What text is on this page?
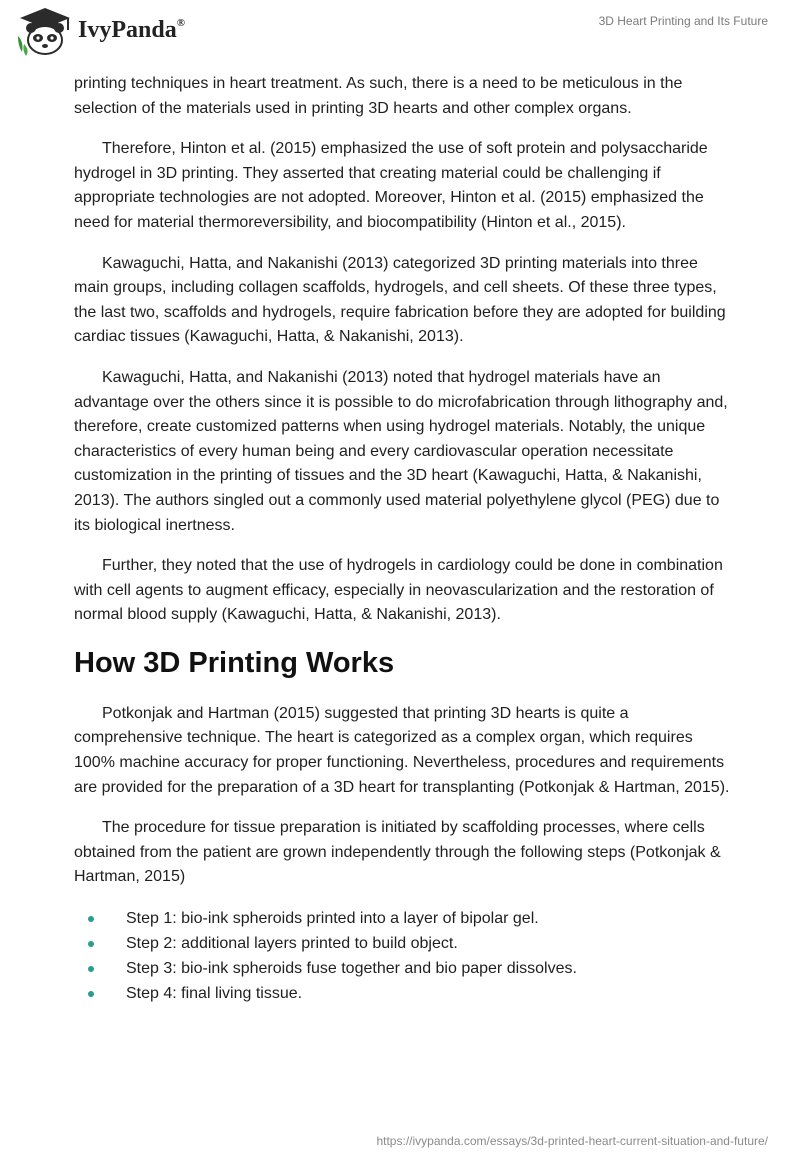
IvyPanda®	3D Heart Printing and Its Future

printing techniques in heart treatment. As such, there is a need to be meticulous in the selection of the materials used in printing 3D hearts and other complex organs.

Therefore, Hinton et al. (2015) emphasized the use of soft protein and polysaccharide hydrogel in 3D printing. They asserted that creating material could be challenging if appropriate technologies are not adopted. Moreover, Hinton et al. (2015) emphasized the need for material thermoreversibility, and biocompatibility (Hinton et al., 2015).

Kawaguchi, Hatta, and Nakanishi (2013) categorized 3D printing materials into three main groups, including collagen scaffolds, hydrogels, and cell sheets. Of these three types, the last two, scaffolds and hydrogels, require fabrication before they are adopted for building cardiac tissues (Kawaguchi, Hatta, & Nakanishi, 2013).

Kawaguchi, Hatta, and Nakanishi (2013) noted that hydrogel materials have an advantage over the others since it is possible to do microfabrication through lithography and, therefore, create customized patterns when using hydrogel materials. Notably, the unique characteristics of every human being and every cardiovascular operation necessitate customization in the printing of tissues and the 3D heart (Kawaguchi, Hatta, & Nakanishi, 2013). The authors singled out a commonly used material polyethylene glycol (PEG) due to its biological inertness.

Further, they noted that the use of hydrogels in cardiology could be done in combination with cell agents to augment efficacy, especially in neovascularization and the restoration of normal blood supply (Kawaguchi, Hatta, & Nakanishi, 2013).

How 3D Printing Works

Potkonjak and Hartman (2015) suggested that printing 3D hearts is quite a comprehensive technique. The heart is categorized as a complex organ, which requires 100% machine accuracy for proper functioning. Nevertheless, procedures and requirements are provided for the preparation of a 3D heart for transplanting (Potkonjak & Hartman, 2015).

The procedure for tissue preparation is initiated by scaffolding processes, where cells obtained from the patient are grown independently through the following steps (Potkonjak & Hartman, 2015)

Step 1: bio-ink spheroids printed into a layer of bipolar gel.
Step 2: additional layers printed to build object.
Step 3: bio-ink spheroids fuse together and bio paper dissolves.
Step 4: final living tissue.
https://ivypanda.com/essays/3d-printed-heart-current-situation-and-future/
